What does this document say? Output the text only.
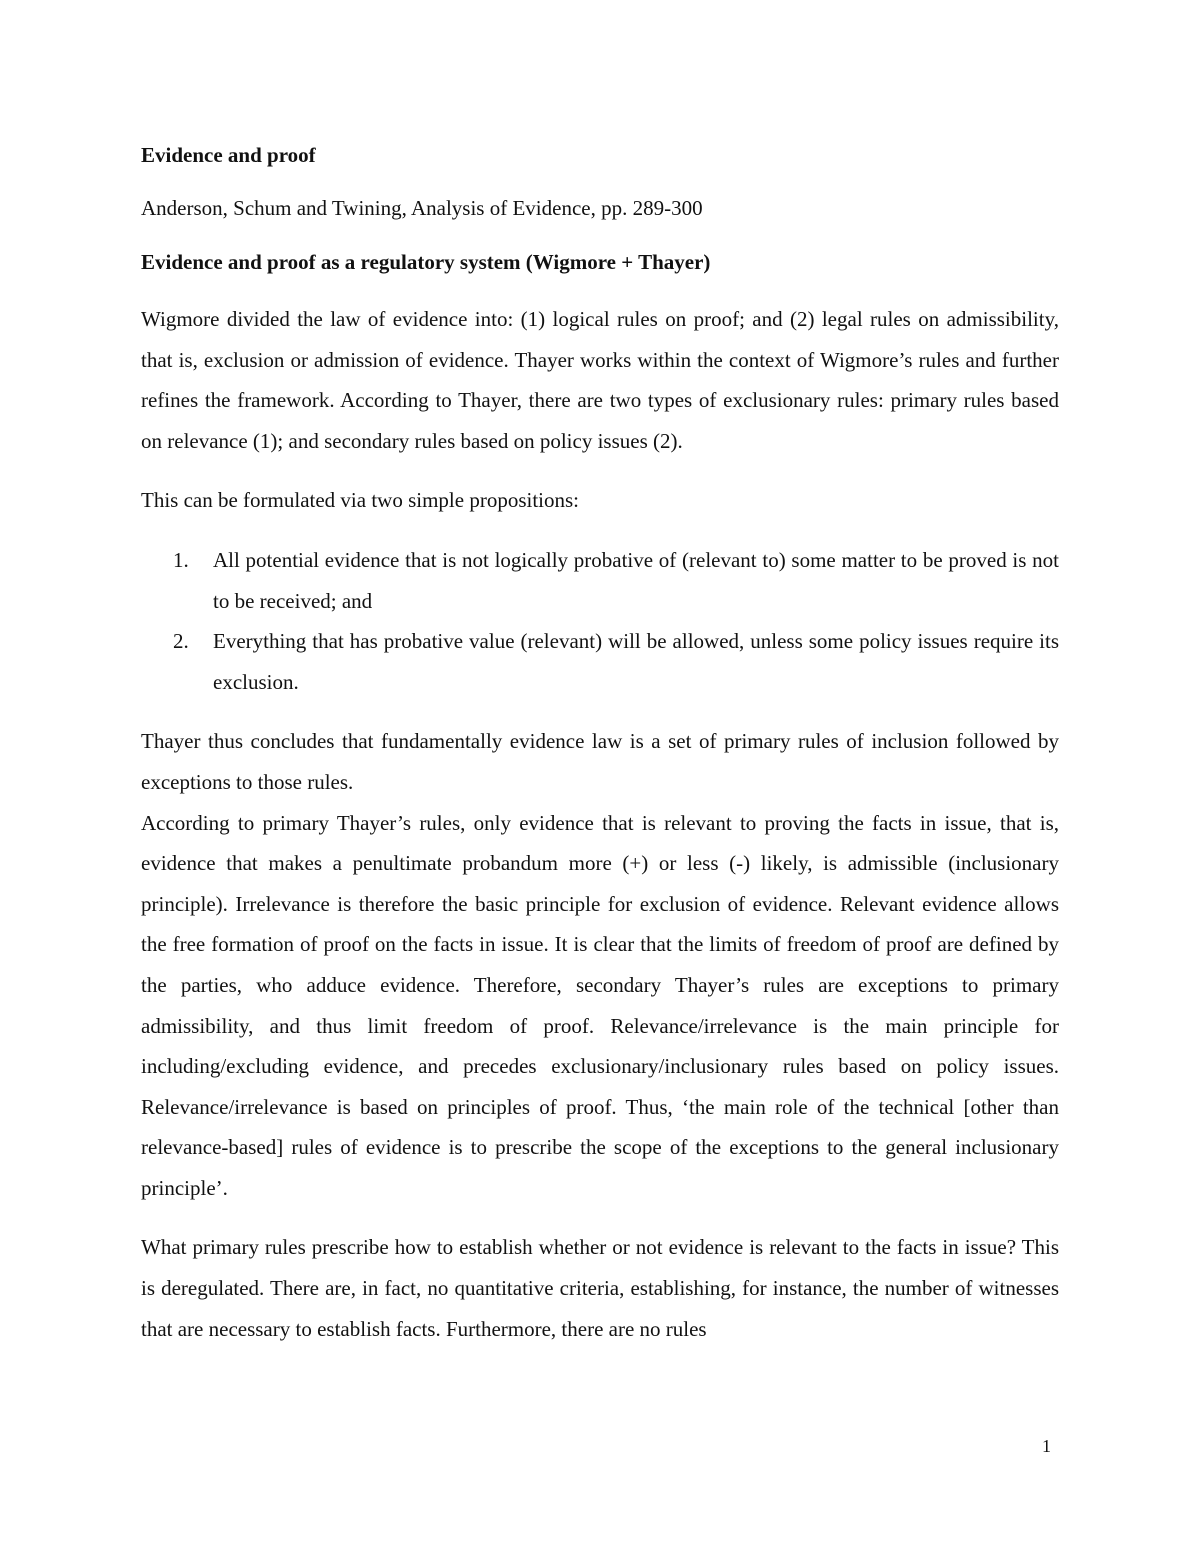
Evidence and proof
Anderson, Schum and Twining, Analysis of Evidence, pp. 289-300
Evidence and proof as a regulatory system (Wigmore + Thayer)

Wigmore divided the law of evidence into: (1) logical rules on proof; and (2) legal rules on admissibility, that is, exclusion or admission of evidence. Thayer works within the context of Wigmore’s rules and further refines the framework. According to Thayer, there are two types of exclusionary rules: primary rules based on relevance (1); and secondary rules based on policy issues (2).

This can be formulated via two simple propositions:

1. All potential evidence that is not logically probative of (relevant to) some matter to be proved is not to be received; and
2. Everything that has probative value (relevant) will be allowed, unless some policy issues require its exclusion.

Thayer thus concludes that fundamentally evidence law is a set of primary rules of inclusion followed by exceptions to those rules.

According to primary Thayer’s rules, only evidence that is relevant to proving the facts in issue, that is, evidence that makes a penultimate probandum more (+) or less (-) likely, is admissible (inclusionary principle). Irrelevance is therefore the basic principle for exclusion of evidence. Relevant evidence allows the free formation of proof on the facts in issue. It is clear that the limits of freedom of proof are defined by the parties, who adduce evidence. Therefore, secondary Thayer’s rules are exceptions to primary admissibility, and thus limit freedom of proof. Relevance/irrelevance is the main principle for including/excluding evidence, and precedes exclusionary/inclusionary rules based on policy issues. Relevance/irrelevance is based on principles of proof. Thus, ‘the main role of the technical [other than relevance-based] rules of evidence is to prescribe the scope of the exceptions to the general inclusionary principle’.

What primary rules prescribe how to establish whether or not evidence is relevant to the facts in issue? This is deregulated. There are, in fact, no quantitative criteria, establishing, for instance, the number of witnesses that are necessary to establish facts. Furthermore, there are no rules

1
